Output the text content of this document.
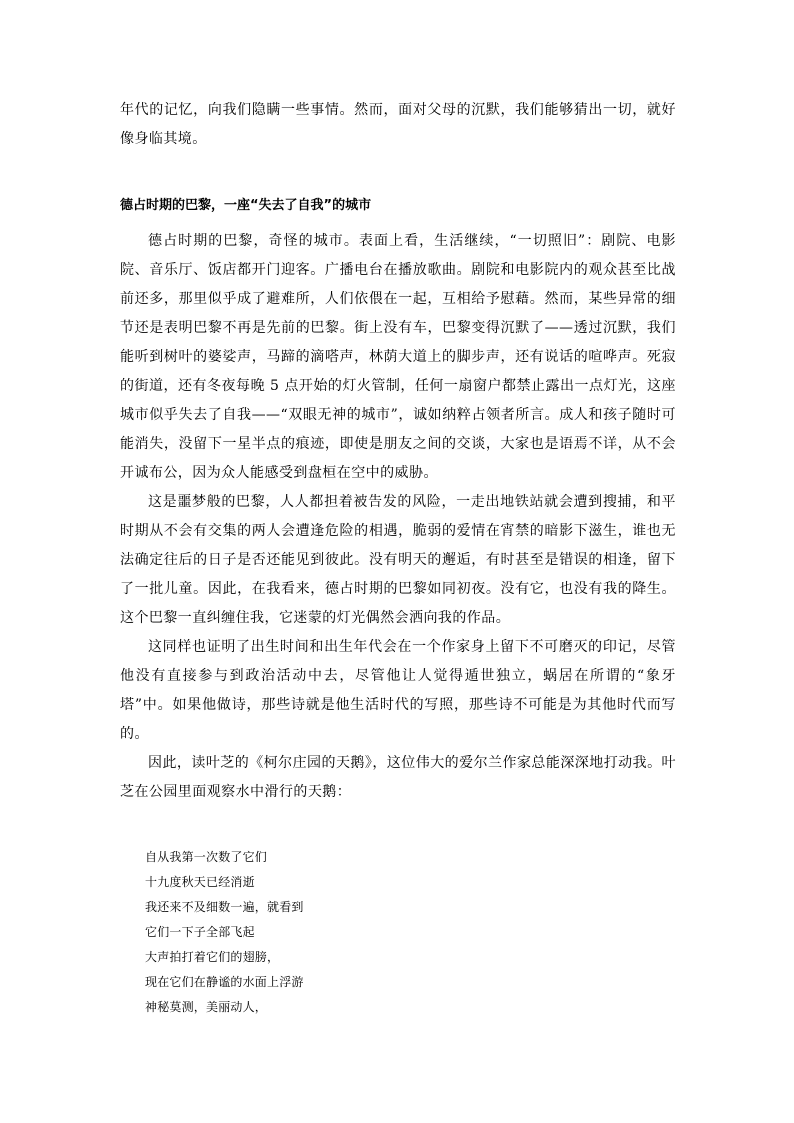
年代的记忆，向我们隐瞒一些事情。然而，面对父母的沉默，我们能够猜出一切，就好像身临其境。

德占时期的巴黎，一座“失去了自我”的城市

德占时期的巴黎，奇怪的城市。表面上看，生活继续，“一切照旧”：剧院、电影院、音乐厅、饭店都开门迎客。广播电台在播放歌曲。剧院和电影院内的观众甚至比战前还多，那里似乎成了避难所，人们依偎在一起，互相给予慰藉。然而，某些异常的细节还是表明巴黎不再是先前的巴黎。街上没有车，巴黎变得沉默了——透过沉默，我们能听到树叶的婆娑声，马蹄的滴嗒声，林荫大道上的脚步声，还有说话的喧哗声。死寂的街道，还有冬夜每晚 5 点开始的灯火管制，任何一扇窗户都禁止露出一点灯光，这座城市似乎失去了自我——“双眼无神的城市”，诚如纳粹占领者所言。成人和孩子随时可能消失，没留下一星半点的痕迹，即使是朋友之间的交谈，大家也是语焉不详，从不会开诚布公，因为众人能感受到盘桓在空中的威胁。

这是噩梦般的巴黎，人人都担着被告发的风险，一走出地铁站就会遭到搜捕，和平时期从不会有交集的两人会遭逢危险的相遇，脆弱的爱情在宵禁的暗影下滋生，谁也无法确定往后的日子是否还能见到彼此。没有明天的邂逅，有时甚至是错误的相逢，留下了一批儿童。因此，在我看来，德占时期的巴黎如同初夜。没有它，也没有我的降生。这个巴黎一直纠缠住我，它迷蒙的灯光偶然会洒向我的作品。

这同样也证明了出生时间和出生年代会在一个作家身上留下不可磨灭的印记，尽管他没有直接参与到政治活动中去，尽管他让人觉得遁世独立，蜗居在所谓的“象牙塔”中。如果他做诗，那些诗就是他生活时代的写照，那些诗不可能是为其他时代而写的。

因此，读叶芝的《柯尔庄园的天鹅》，这位伟大的爱尔兰作家总能深深地打动我。叶芝在公园里面观察水中滑行的天鹅：

自从我第一次数了它们
十九度秋天已经消逝
我还来不及细数一遍，就看到
它们一下子全部飞起
大声拍打着它们的翅膀，
现在它们在静谧的水面上浮游
神秘莫测，美丽动人，
